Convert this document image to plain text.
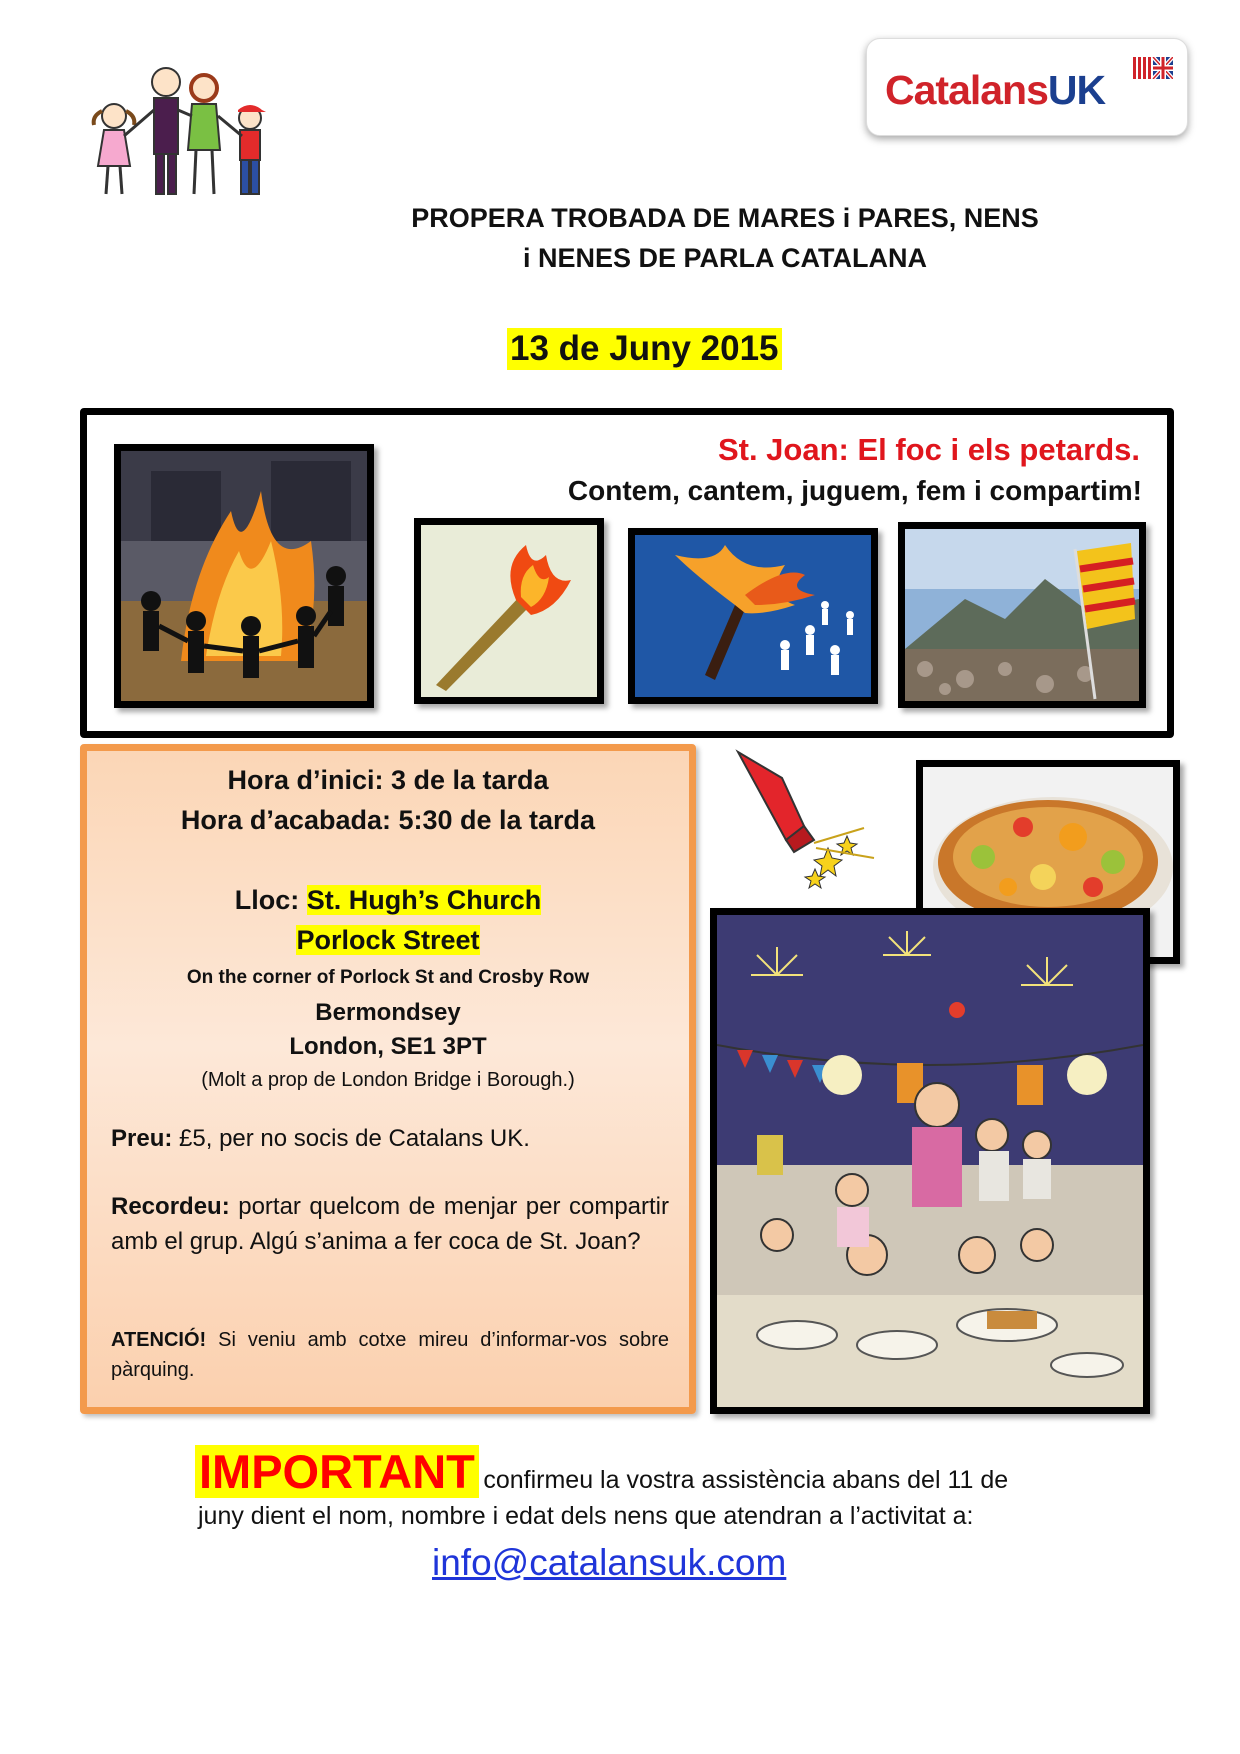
CatalansUK
PROPERA TROBADA DE MARES i PARES, NENS
i NENES DE PARLA CATALANA
13 de Juny 2015
St. Joan: El foc i els petards.
Contem, cantem, juguem, fem i compartim!
Hora d’inici: 3 de la tarda
Hora d’acabada: 5:30 de la tarda
Lloc: St. Hugh’s Church
Porlock Street
On the corner of Porlock St and Crosby Row
Bermondsey
London, SE1 3PT
(Molt a prop de London Bridge i Borough.)
Preu: £5, per no socis de Catalans UK.
Recordeu: portar quelcom de menjar per compartir amb el grup. Algú s’anima a fer coca de St. Joan?
ATENCIÓ! Si veniu amb cotxe mireu d’informar-vos sobre pàrquing.
IMPORTANT confirmeu la vostra assistència abans del 11 de
juny dient el nom, nombre i edat dels nens que atendran a l’activitat a:
info@catalansuk.com
